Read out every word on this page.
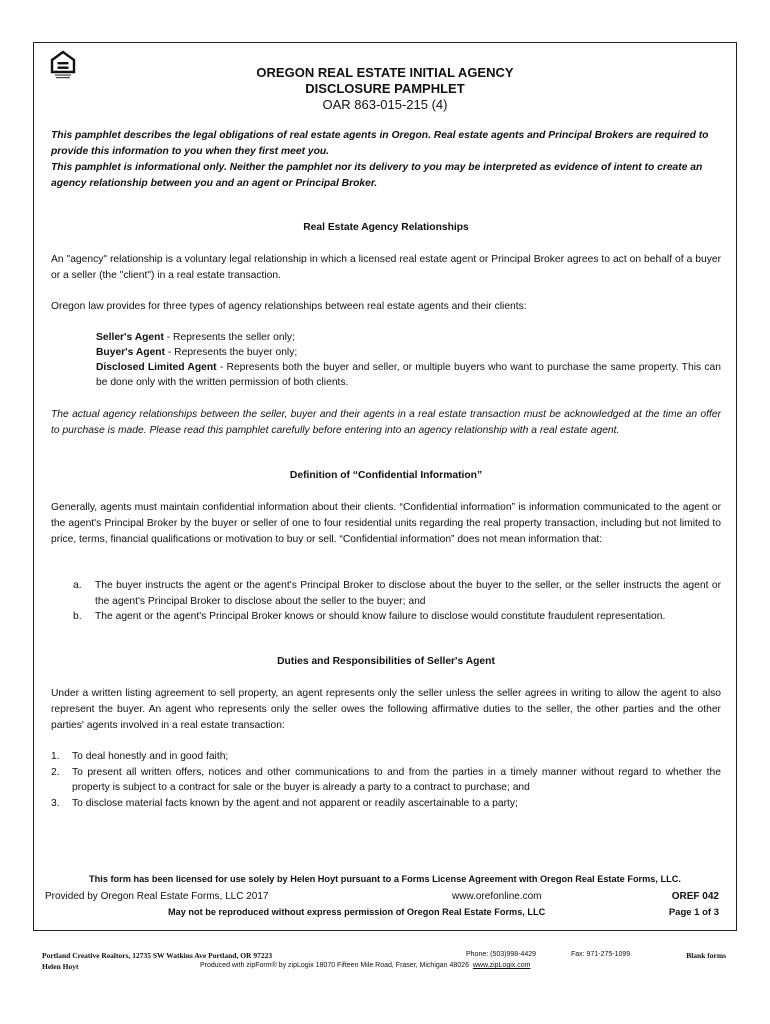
OREGON REAL ESTATE INITIAL AGENCY
DISCLOSURE PAMPHLET
OAR 863-015-215 (4)
This pamphlet describes the legal obligations of real estate agents in Oregon. Real estate agents and Principal Brokers are required to provide this information to you when they first meet you.
This pamphlet is informational only. Neither the pamphlet nor its delivery to you may be interpreted as evidence of intent to create an agency relationship between you and an agent or Principal Broker.
Real Estate Agency Relationships
An "agency" relationship is a voluntary legal relationship in which a licensed real estate agent or Principal Broker agrees to act on behalf of a buyer or a seller (the "client") in a real estate transaction.
Oregon law provides for three types of agency relationships between real estate agents and their clients:
Seller's Agent - Represents the seller only;
Buyer's Agent - Represents the buyer only;
Disclosed Limited Agent - Represents both the buyer and seller, or multiple buyers who want to purchase the same property. This can be done only with the written permission of both clients.
The actual agency relationships between the seller, buyer and their agents in a real estate transaction must be acknowledged at the time an offer to purchase is made. Please read this pamphlet carefully before entering into an agency relationship with a real estate agent.
Definition of “Confidential Information”
Generally, agents must maintain confidential information about their clients. “Confidential information” is information communicated to the agent or the agent's Principal Broker by the buyer or seller of one to four residential units regarding the real property transaction, including but not limited to price, terms, financial qualifications or motivation to buy or sell. “Confidential information” does not mean information that:
a.	The buyer instructs the agent or the agent's Principal Broker to disclose about the buyer to the seller, or the seller instructs the agent or the agent's Principal Broker to disclose about the seller to the buyer; and
b.	The agent or the agent's Principal Broker knows or should know failure to disclose would constitute fraudulent representation.
Duties and Responsibilities of Seller's Agent
Under a written listing agreement to sell property, an agent represents only the seller unless the seller agrees in writing to allow the agent to also represent the buyer. An agent who represents only the seller owes the following affirmative duties to the seller, the other parties and the other parties' agents involved in a real estate transaction:
1.	To deal honestly and in good faith;
2.	To present all written offers, notices and other communications to and from the parties in a timely manner without regard to whether the property is subject to a contract for sale or the buyer is already a party to a contract to purchase; and
3.	To disclose material facts known by the agent and not apparent or readily ascertainable to a party;
This form has been licensed for use solely by Helen Hoyt pursuant to a Forms License Agreement with Oregon Real Estate Forms, LLC.
Provided by Oregon Real Estate Forms, LLC 2017	www.orefonline.com	OREF 042
May not be reproduced without express permission of Oregon Real Estate Forms, LLC	Page 1 of 3
Portland Creative Realtors, 12735 SW Watkins Ave Portland, OR 97223
Helen Hoyt
Phone: (503)998-4429	Fax: 971-275-1099	Blank forms
Produced with zipForm® by zipLogix 18070 Fifteen Mile Road, Fraser, Michigan 48026 www.zipLogix.com
